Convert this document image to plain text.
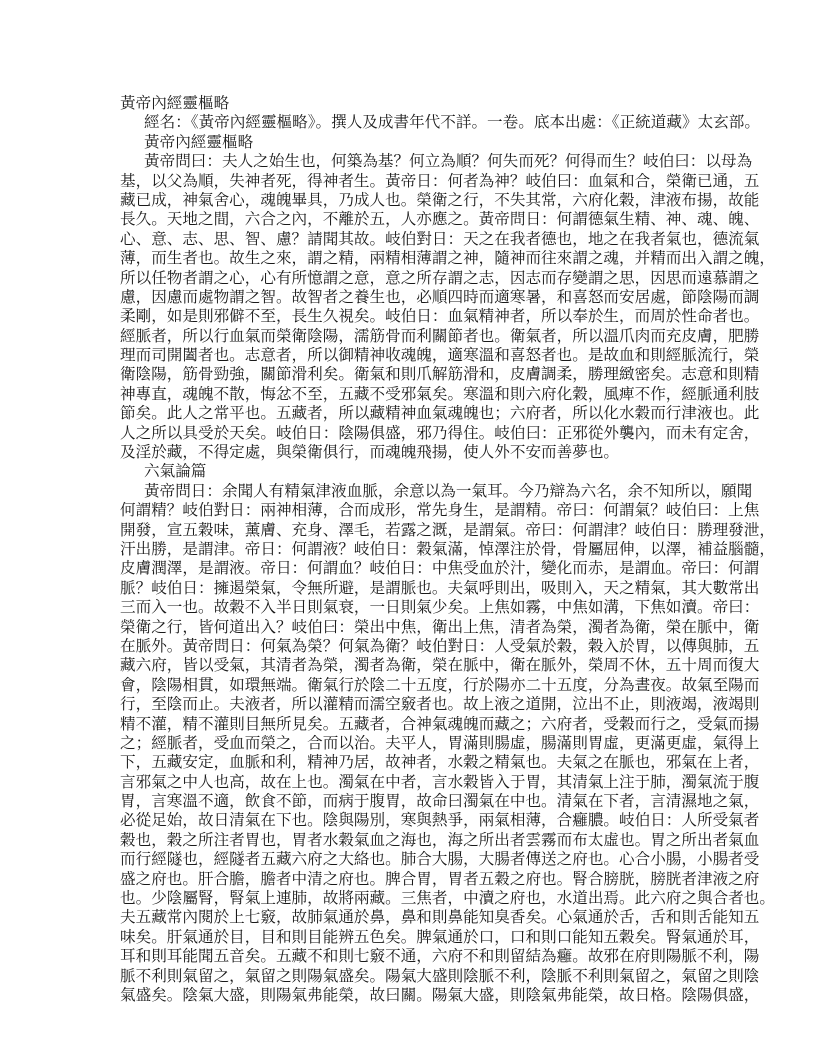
黃帝內經靈樞略
經名：《黃帝內經靈樞略》。撰人及成書年代不詳。一卷。底本出處：《正統道藏》太玄部。
黃帝內經靈樞略
黃帝問曰：夫人之始生也，何築為基？何立為順？何失而死？何得而生？岐伯曰：以母為
基，以父為順，失神者死，得神者生。黃帝日：何者為神？岐伯曰：血氣和合，榮衛已通，五
藏已成，神氣舍心，魂魄畢具，乃成人也。榮衛之行，不失其常，六府化穀，津液布揚，故能
長久。天地之間，六合之內，不離於五，人亦應之。黃帝問日：何謂德氣生精、神、魂、魄、
心、意、志、思、智、慮？請聞其故。岐伯對日：天之在我者德也，地之在我者氣也，德流氣
薄，而生者也。故生之來，謂之精，兩精相薄謂之神，隨神而往來謂之魂，并精而出入謂之魄，
所以任物者謂之心，心有所憶謂之意，意之所存謂之志，因志而存變謂之思，因思而遠慕謂之
慮，因慮而處物謂之智。故智者之養生也，必順四時而適寒暑，和喜怒而安居處，節陰陽而調
柔剛，如是則邪僻不至，長生久視矣。岐伯日：血氣精神者，所以奉於生，而周於性命者也。
經脈者，所以行血氣而榮衛陰陽，濡筋骨而利關節者也。衛氣者，所以溫爪肉而充皮膚，肥勝
理而司開闔者也。志意者，所以御精神收魂魄，適寒溫和喜怒者也。是故血和則經脈流行，榮
衛陰陽，筋骨勁強，關節滑利矣。衛氣和則爪解筋滑和，皮膚調柔，勝理緻密矣。志意和則精
神專直，魂魄不散，悔忿不至，五藏不受邪氣矣。寒溫和則六府化穀，風痺不作，經脈通利肢
節矣。此人之常平也。五藏者，所以藏精神血氣魂魄也；六府者，所以化水穀而行津液也。此
人之所以具受於天矣。岐伯日：陰陽俱盛，邪乃得住。岐伯曰：正邪從外襲內，而未有定舍，
及淫於藏，不得定處，與榮衛俱行，而魂魄飛揚，使人外不安而善夢也。
六氣論篇
黃帝問日：余聞人有精氣津液血脈，余意以為一氣耳。今乃辯為六名，余不知所以，願聞
何謂精？岐伯對日：兩神相薄，合而成形，常先身生，是謂精。帝曰：何謂氣？岐伯曰：上焦
開發，宣五穀味，薰膚、充身、澤毛，若露之溉，是謂氣。帝曰：何謂津？岐伯日：勝理發泄，
汗出勝，是謂津。帝日：何謂液？岐伯日：穀氣滿，悼澤注於骨，骨屬屈伸，以澤，補益腦髓，
皮膚潤澤，是謂液。帝日：何謂血？岐伯日：中焦受血於汁，變化而赤，是謂血。帝曰：何謂
脈？岐伯日：擁遏榮氣，令無所避，是謂脈也。夫氣呼則出，吸則入，天之精氣，其大數常出
三而入一也。故穀不入半日則氣衰，一日則氣少矣。上焦如霧，中焦如溝，下焦如瀆。帝曰：
榮衛之行，皆何道出入？岐伯曰：榮出中焦，衛出上焦，清者為榮，濁者為衛，榮在脈中，衛
在脈外。黃帝問日：何氣為榮？何氣為衛？岐伯對日：人受氣於穀，穀入於胃，以傳與肺，五
藏六府，皆以受氣，其清者為榮，濁者為衛，榮在脈中，衛在脈外，榮周不休，五十周而復大
會，陰陽相貫，如環無端。衛氣行於陰二十五度，行於陽亦二十五度，分為晝夜。故氣至陽而
行，至陰而止。夫液者，所以灌精而濡空竅者也。故上液之道開，泣出不止，則液竭，液竭則
精不灌，精不灌則目無所見矣。五藏者，合神氣魂魄而藏之；六府者，受穀而行之，受氣而揚
之；經脈者，受血而榮之，合而以治。夫平人，胃滿則腸虛，腸滿則胃虛，更滿更虛，氣得上
下，五藏安定，血脈和利，精神乃居，故神者，水穀之精氣也。夫氣之在脈也，邪氣在上者，
言邪氣之中人也高，故在上也。濁氣在中者，言水穀皆入于胃，其清氣上注于肺，濁氣流于腹
胃，言寒溫不適，飲食不節，而病于腹胃，故命曰濁氣在中也。清氣在下者，言清濕地之氣，
必從足始，故日清氣在下也。陰與陽別，寒與熱爭，兩氣相薄，合癰膿。岐伯日：人所受氣者
穀也，穀之所注者胃也，胃者水穀氣血之海也，海之所出者雲霧而布太虛也。胃之所出者氣血
而行經隧也，經隧者五藏六府之大絡也。肺合大腸，大腸者傳送之府也。心合小腸，小腸者受
盛之府也。肝合膽，膽者中清之府也。脾合胃，胃者五穀之府也。腎合膀胱，膀胱者津液之府
也。少陰屬腎，腎氣上連肺，故將兩藏。三焦者，中瀆之府也，水道出焉。此六府之與合者也。
夫五藏常內閱於上七竅，故肺氣通於鼻，鼻和則鼻能知臭香矣。心氣通於舌，舌和則舌能知五
味矣。肝氣通於目，目和則目能辨五色矣。脾氣通於口，口和則口能知五穀矣。腎氣通於耳，
耳和則耳能聞五音矣。五藏不和則七竅不通，六府不和則留結為癰。故邪在府則陽脈不利，陽
脈不利則氣留之，氣留之則陽氣盛矣。陽氣大盛則陰脈不利，陰脈不利則氣留之，氣留之則陰
氣盛矣。陰氣大盛，則陽氣弗能榮，故曰關。陽氣大盛，則陰氣弗能榮，故日格。陰陽俱盛，
